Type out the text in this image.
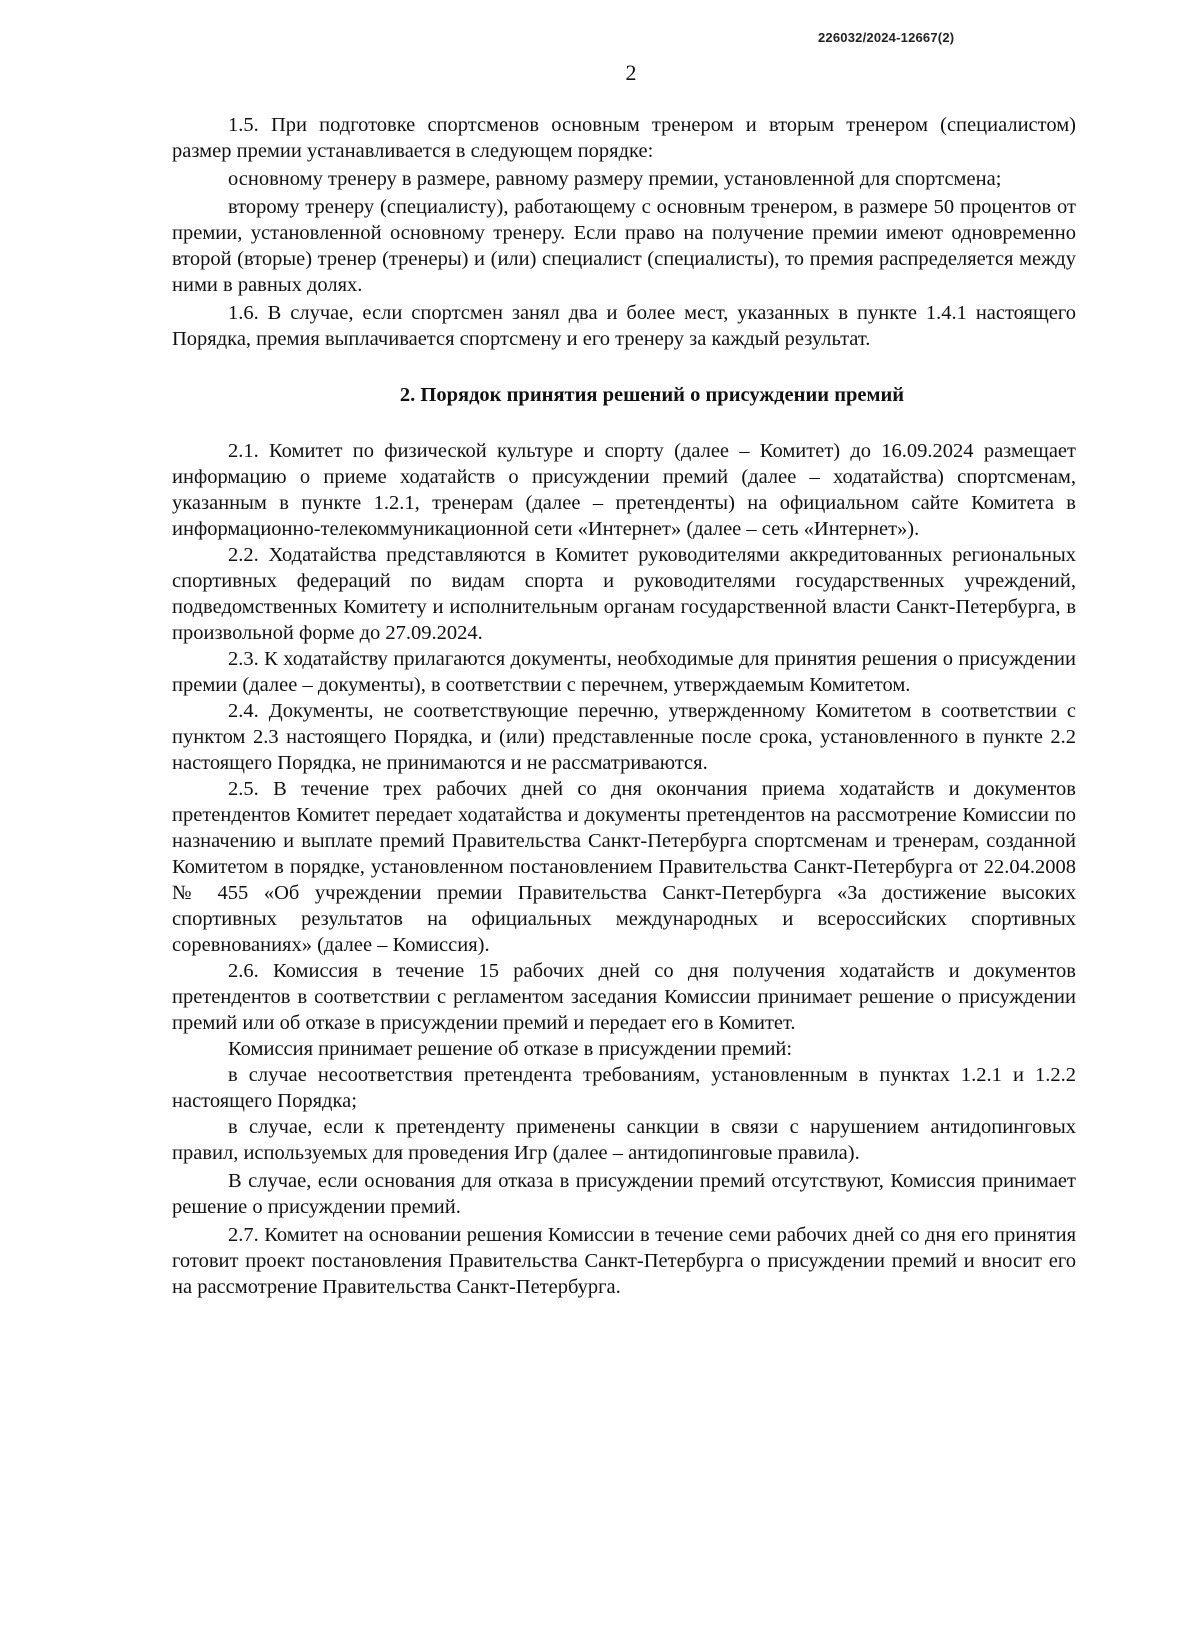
226032/2024-12667(2)
2

1.5. При подготовке спортсменов основным тренером и вторым тренером (специалистом) размер премии устанавливается в следующем порядке:

основному тренеру в размере, равному размеру премии, установленной для спортсмена;

второму тренеру (специалисту), работающему с основным тренером, в размере 50 процентов от премии, установленной основному тренеру. Если право на получение премии имеют одновременно второй (вторые) тренер (тренеры) и (или) специалист (специалисты), то премия распределяется между ними в равных долях.

1.6. В случае, если спортсмен занял два и более мест, указанных в пункте 1.4.1 настоящего Порядка, премия выплачивается спортсмену и его тренеру за каждый результат.

2. Порядок принятия решений о присуждении премий

2.1. Комитет по физической культуре и спорту (далее – Комитет) до 16.09.2024 размещает информацию о приеме ходатайств о присуждении премий (далее – ходатайства) спортсменам, указанным в пункте 1.2.1, тренерам (далее – претенденты) на официальном сайте Комитета в информационно-телекоммуникационной сети «Интернет» (далее – сеть «Интернет»).

2.2. Ходатайства представляются в Комитет руководителями аккредитованных региональных спортивных федераций по видам спорта и руководителями государственных учреждений, подведомственных Комитету и исполнительным органам государственной власти Санкт-Петербурга, в произвольной форме до 27.09.2024.

2.3. К ходатайству прилагаются документы, необходимые для принятия решения о присуждении премии (далее – документы), в соответствии с перечнем, утверждаемым Комитетом.

2.4. Документы, не соответствующие перечню, утвержденному Комитетом в соответствии с пунктом 2.3 настоящего Порядка, и (или) представленные после срока, установленного в пункте 2.2 настоящего Порядка, не принимаются и не рассматриваются.

2.5. В течение трех рабочих дней со дня окончания приема ходатайств и документов претендентов Комитет передает ходатайства и документы претендентов на рассмотрение Комиссии по назначению и выплате премий Правительства Санкт-Петербурга спортсменам и тренерам, созданной Комитетом в порядке, установленном постановлением Правительства Санкт-Петербурга от 22.04.2008 № 455 «Об учреждении премии Правительства Санкт-Петербурга «За достижение высоких спортивных результатов на официальных международных и всероссийских спортивных соревнованиях» (далее – Комиссия).

2.6. Комиссия в течение 15 рабочих дней со дня получения ходатайств и документов претендентов в соответствии с регламентом заседания Комиссии принимает решение о присуждении премий или об отказе в присуждении премий и передает его в Комитет.

Комиссия принимает решение об отказе в присуждении премий:

в случае несоответствия претендента требованиям, установленным в пунктах 1.2.1 и 1.2.2 настоящего Порядка;

в случае, если к претенденту применены санкции в связи с нарушением антидопинговых правил, используемых для проведения Игр (далее – антидопинговые правила).

В случае, если основания для отказа в присуждении премий отсутствуют, Комиссия принимает решение о присуждении премий.

2.7. Комитет на основании решения Комиссии в течение семи рабочих дней со дня его принятия готовит проект постановления Правительства Санкт-Петербурга о присуждении премий и вносит его на рассмотрение Правительства Санкт-Петербурга.
